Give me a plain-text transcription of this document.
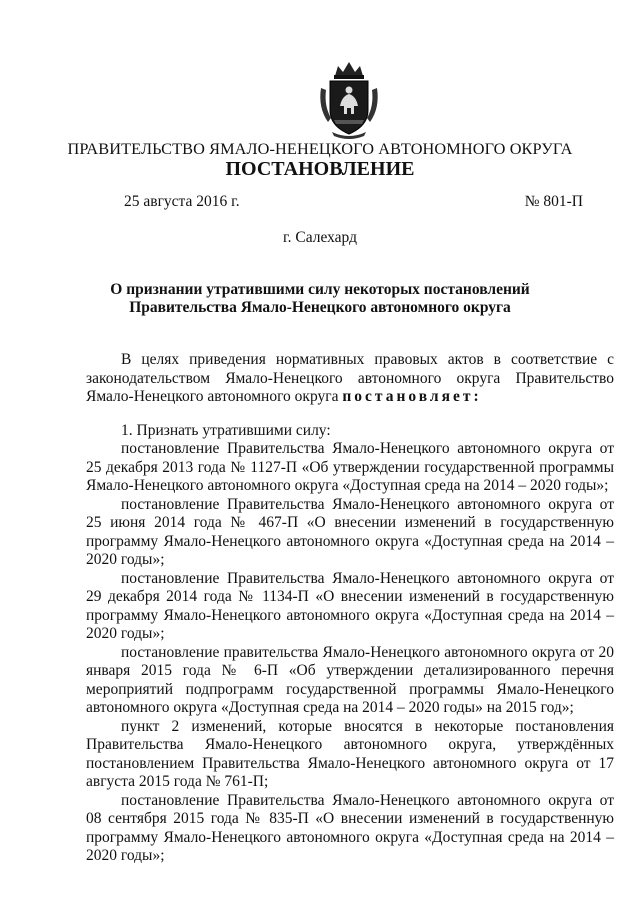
ПРАВИТЕЛЬСТВО ЯМАЛО-НЕНЕЦКОГО АВТОНОМНОГО ОКРУГА
ПОСТАНОВЛЕНИЕ
25 августа 2016 г.	№ 801-П
г. Салехард
О признании утратившими силу некоторых постановлений
Правительства Ямало-Ненецкого автономного округа

В целях приведения нормативных правовых актов в соответствие с законодательством Ямало-Ненецкого автономного округа Правительство Ямало-Ненецкого автономного округа постановляет:

1. Признать утратившими силу:

постановление Правительства Ямало-Ненецкого автономного округа от 25 декабря 2013 года № 1127-П «Об утверждении государственной программы Ямало-Ненецкого автономного округа «Доступная среда на 2014 – 2020 годы»;

постановление Правительства Ямало-Ненецкого автономного округа от 25 июня 2014 года № 467-П «О внесении изменений в государственную программу Ямало-Ненецкого автономного округа «Доступная среда на 2014 – 2020 годы»;

постановление Правительства Ямало-Ненецкого автономного округа от 29 декабря 2014 года № 1134-П «О внесении изменений в государственную программу Ямало-Ненецкого автономного округа «Доступная среда на 2014 – 2020 годы»;

постановление правительства Ямало-Ненецкого автономного округа от 20 января 2015 года № 6-П «Об утверждении детализированного перечня мероприятий подпрограмм государственной программы Ямало-Ненецкого автономного округа «Доступная среда на 2014 – 2020 годы» на 2015 год»;

пункт 2 изменений, которые вносятся в некоторые постановления Правительства Ямало-Ненецкого автономного округа, утверждённых постановлением Правительства Ямало-Ненецкого автономного округа от 17 августа 2015 года № 761-П;

постановление Правительства Ямало-Ненецкого автономного округа от 08 сентября 2015 года № 835-П «О внесении изменений в государственную программу Ямало-Ненецкого автономного округа «Доступная среда на 2014 – 2020 годы»;
